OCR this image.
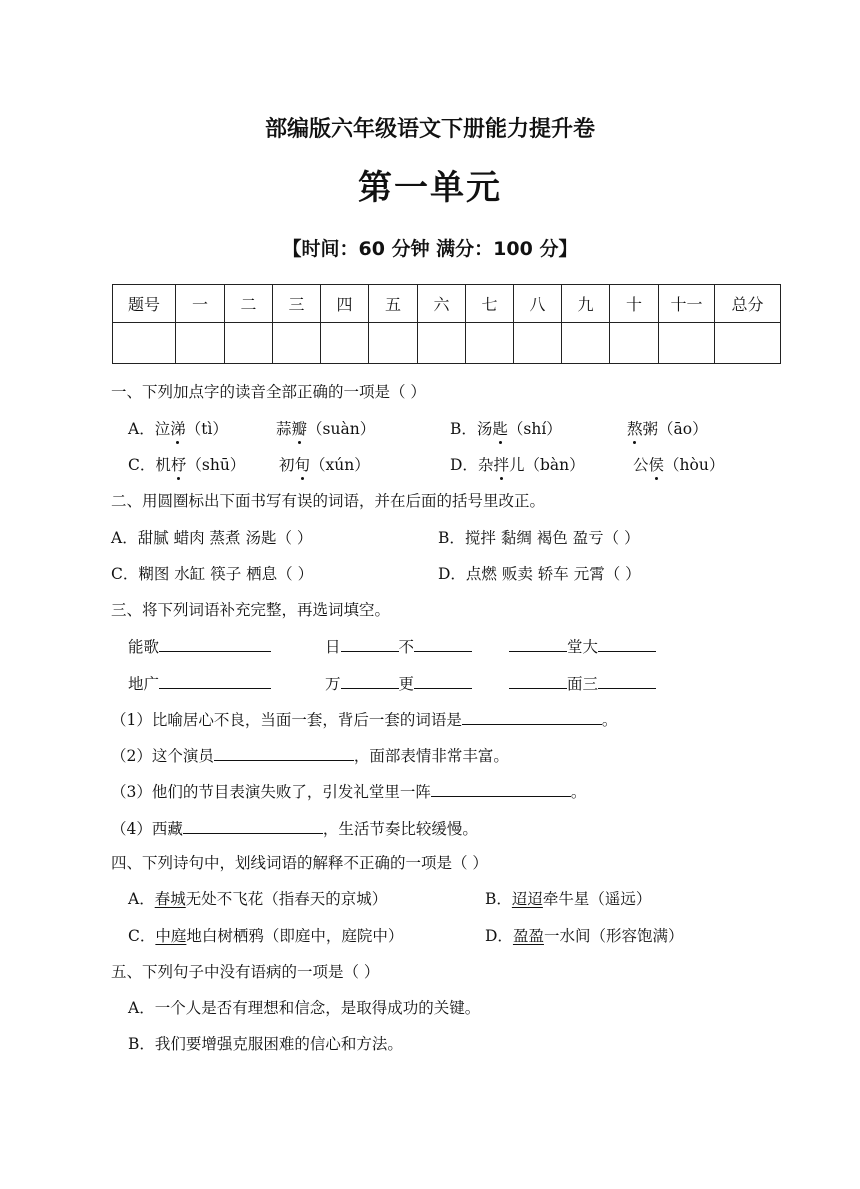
部编版六年级语文下册能力提升卷
第一单元
【时间：60 分钟 满分：100 分】
题号	一	二	三	四	五	六	七	八	九	十	十一	总分

一、下列加点字的读音全部正确的一项是（ ）
A．泣涕（tì）	蒜瓣（suàn）	B．汤匙（shí）	熬粥（āo）
C．机杼（shū） 初旬（xún）	D．杂拌儿（bàn）	公侯（hòu）
二、用圆圈标出下面书写有误的词语，并在后面的括号里改正。
A．甜腻 蜡肉 蒸煮 汤匙（ ）	B．搅拌 黏绸 褐色 盈亏（ ）
C．糊图 水缸 筷子 栖息（ ）	D．点燃 贩卖 轿车 元霄（ ）
三、将下列词语补充完整，再选词填空。
能歌	日	不	堂大
地广	万	更	面三
（1）比喻居心不良，当面一套，背后一套的词语是	。
（2）这个演员	，面部表情非常丰富。
（3）他们的节目表演失败了，引发礼堂里一阵	。
（4）西藏	，生活节奏比较缓慢。
四、下列诗句中，划线词语的解释不正确的一项是（ ）
A．春城无处不飞花（指春天的京城）	B．迢迢牵牛星（遥远）
C．中庭地白树栖鸦（即庭中，庭院中）	D．盈盈一水间（形容饱满）
五、下列句子中没有语病的一项是（ ）
A．一个人是否有理想和信念，是取得成功的关键。
B．我们要增强克服困难的信心和方法。
